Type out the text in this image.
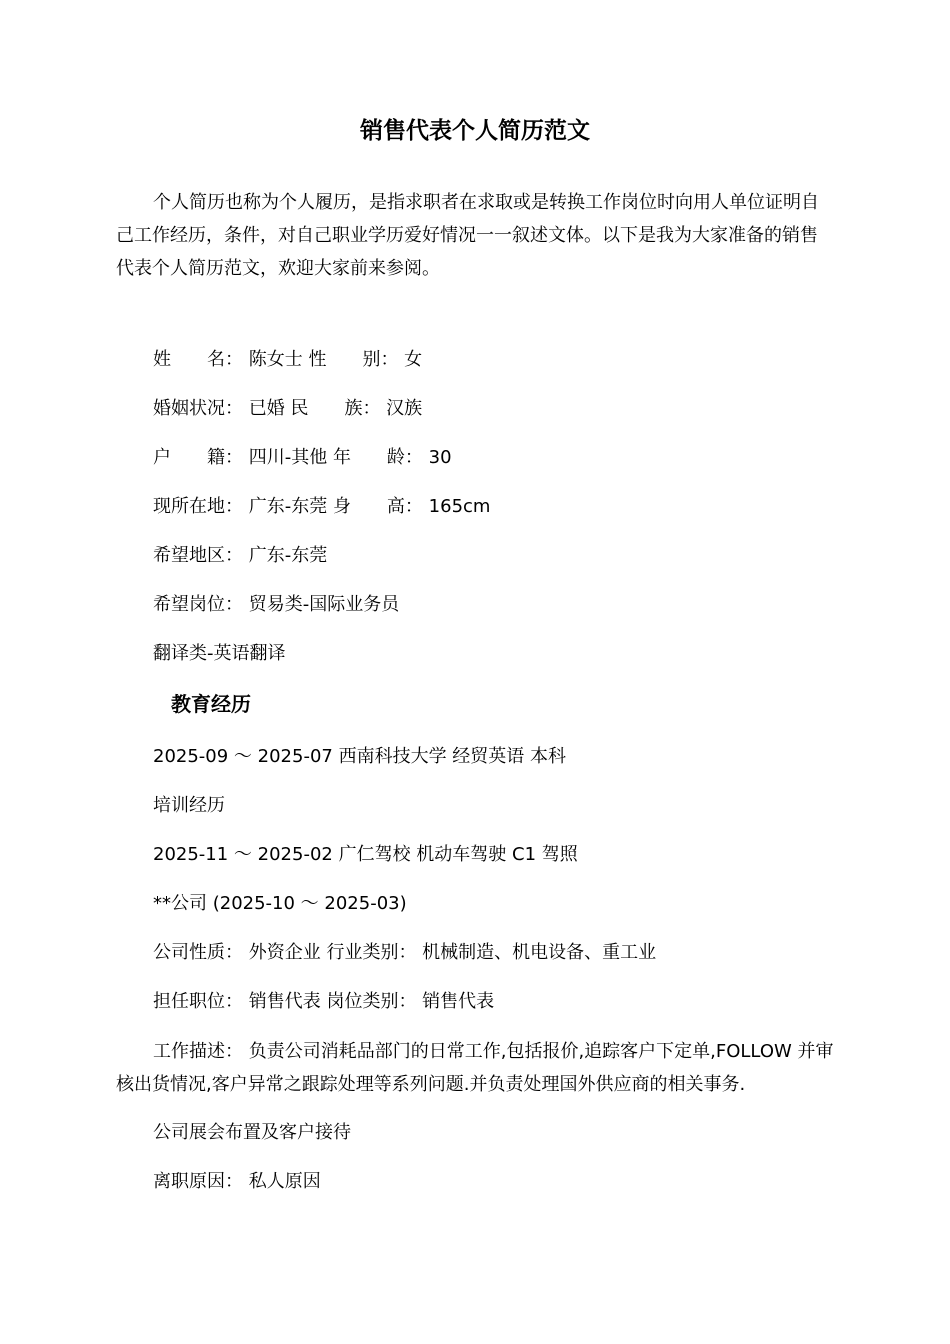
销售代表个人简历范文

个人简历也称为个人履历，是指求职者在求取或是转换工作岗位时向用人单位证明自己工作经历，条件，对自己职业学历爱好情况一一叙述文体。以下是我为大家准备的销售代表个人简历范文，欢迎大家前来参阅。

姓　　名： 陈女士 性　　别： 女
婚姻状况： 已婚 民　　族： 汉族
户　　籍： 四川-其他 年　　龄： 30
现所在地： 广东-东莞 身　　高： 165cm
希望地区： 广东-东莞
希望岗位： 贸易类-国际业务员
翻译类-英语翻译
教育经历
2025-09 ～ 2025-07 西南科技大学 经贸英语 本科
培训经历
2025-11 ～ 2025-02 广仁驾校 机动车驾驶 C1 驾照
**公司 (2025-10 ～ 2025-03)
公司性质： 外资企业 行业类别： 机械制造、机电设备、重工业
担任职位： 销售代表 岗位类别： 销售代表

工作描述： 负责公司消耗品部门的日常工作,包括报价,追踪客户下定单,FOLLOW 并审核出货情况,客户异常之跟踪处理等系列问题.并负责处理国外供应商的相关事务.

公司展会布置及客户接待
离职原因： 私人原因
